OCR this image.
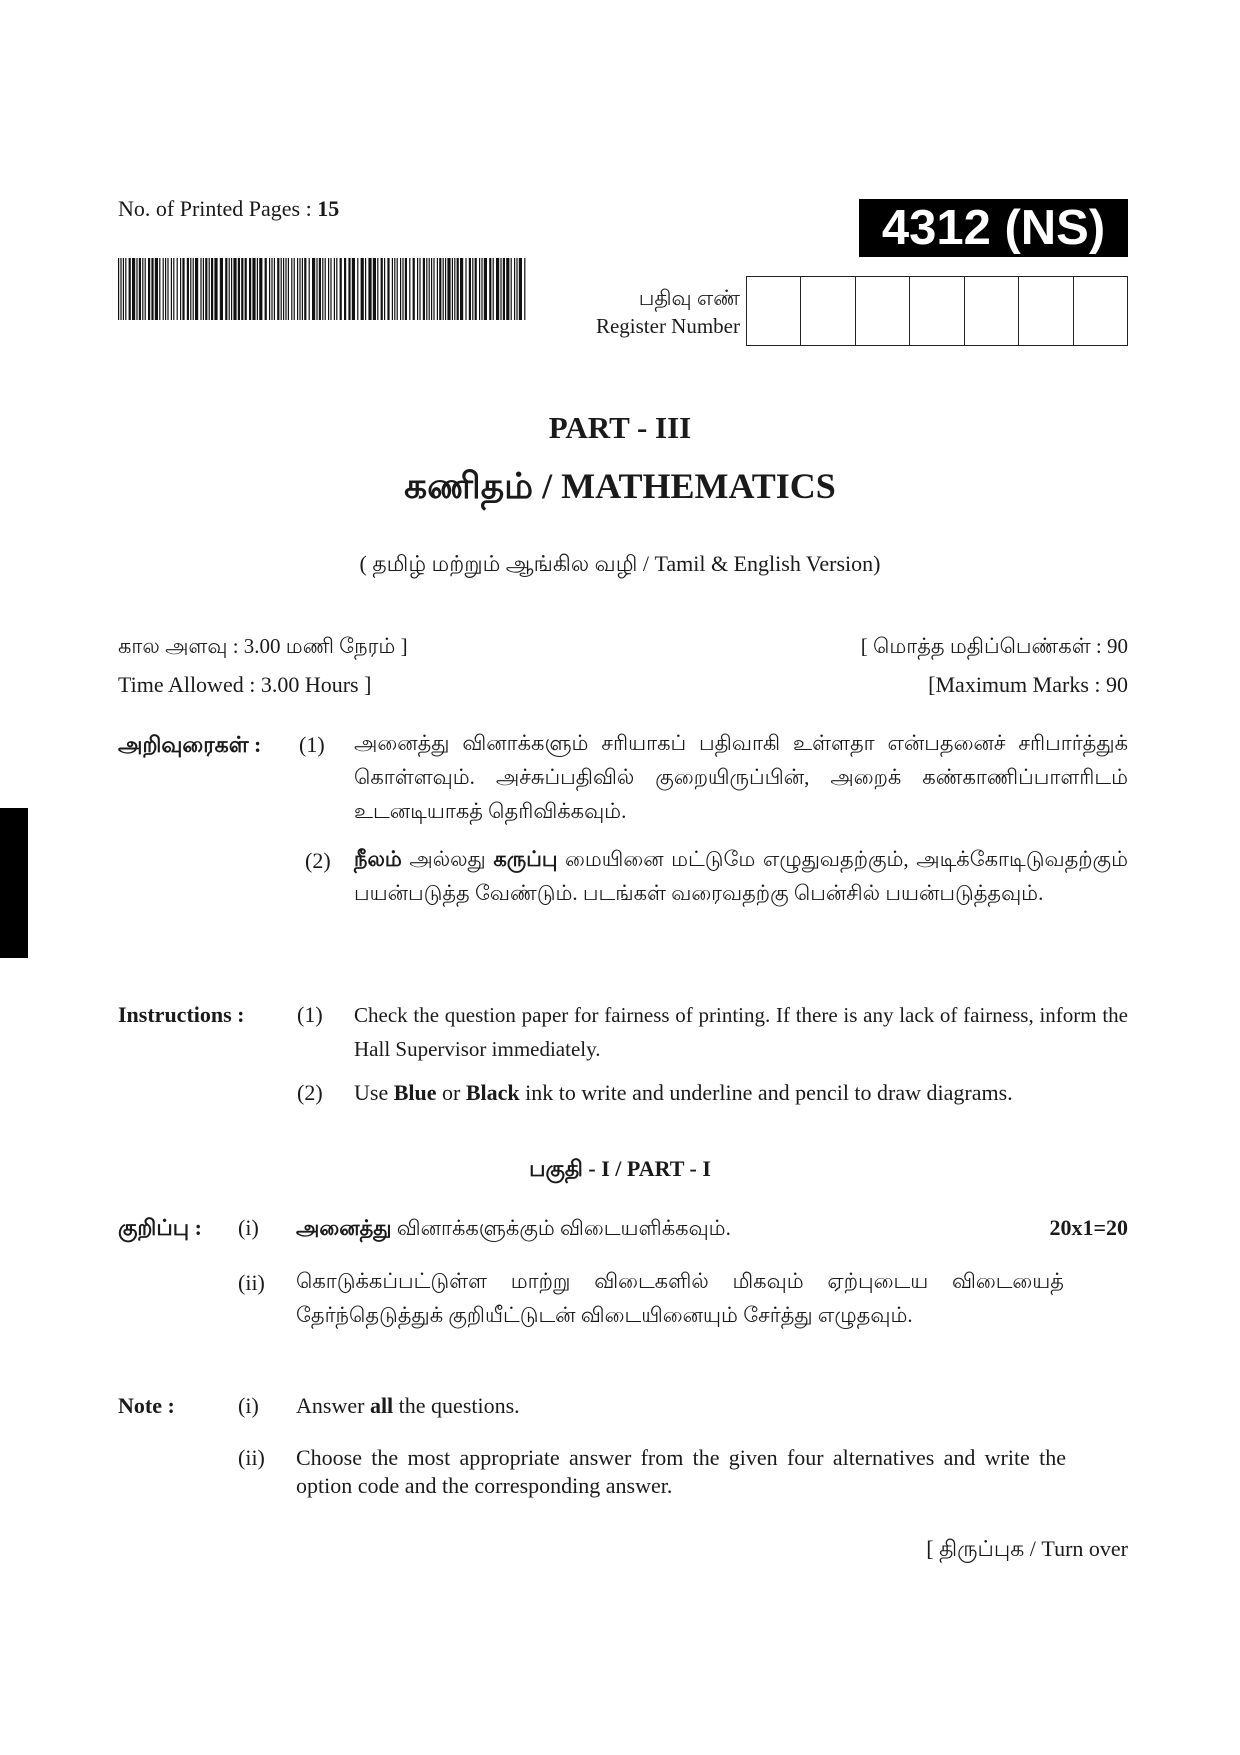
No. of Printed Pages : 15	4312 (NS)
பதிவு எண்
Register Number
PART - III
கணிதம் / MATHEMATICS
( தமிழ் மற்றும் ஆங்கில வழி / Tamil & English Version)
கால அளவு : 3.00 மணி நேரம் ]	[ மொத்த மதிப்பெண்கள் : 90
Time Allowed : 3.00 Hours ]	[Maximum Marks : 90
அறிவுரைகள் : (1) அனைத்து வினாக்களும் சரியாகப் பதிவாகி உள்ளதா என்பதனைச் சரிபார்த்துக் கொள்ளவும். அச்சுப்பதிவில் குறையிருப்பின், அறைக் கண்காணிப்பாளரிடம் உடனடியாகத் தெரிவிக்கவும்.
(2) நீலம் அல்லது கருப்பு மையினை மட்டுமே எழுதுவதற்கும், அடிக்கோடிடுவதற்கும் பயன்படுத்த வேண்டும். படங்கள் வரைவதற்கு பென்சில் பயன்படுத்தவும்.
Instructions : (1) Check the question paper for fairness of printing. If there is any lack of fairness, inform the Hall Supervisor immediately.
(2) Use Blue or Black ink to write and underline and pencil to draw diagrams.
பகுதி - I / PART - I
குறிப்பு : (i) அனைத்து வினாக்களுக்கும் விடையளிக்கவும்.	20x1=20
(ii) கொடுக்கப்பட்டுள்ள மாற்று விடைகளில் மிகவும் ஏற்புடைய விடையைத் தேர்ந்தெடுத்துக் குறியீட்டுடன் விடையினையும் சேர்த்து எழுதவும்.
Note :	(i) Answer all the questions.
(ii) Choose the most appropriate answer from the given four alternatives and write the option code and the corresponding answer.
[ திருப்புக / Turn over
